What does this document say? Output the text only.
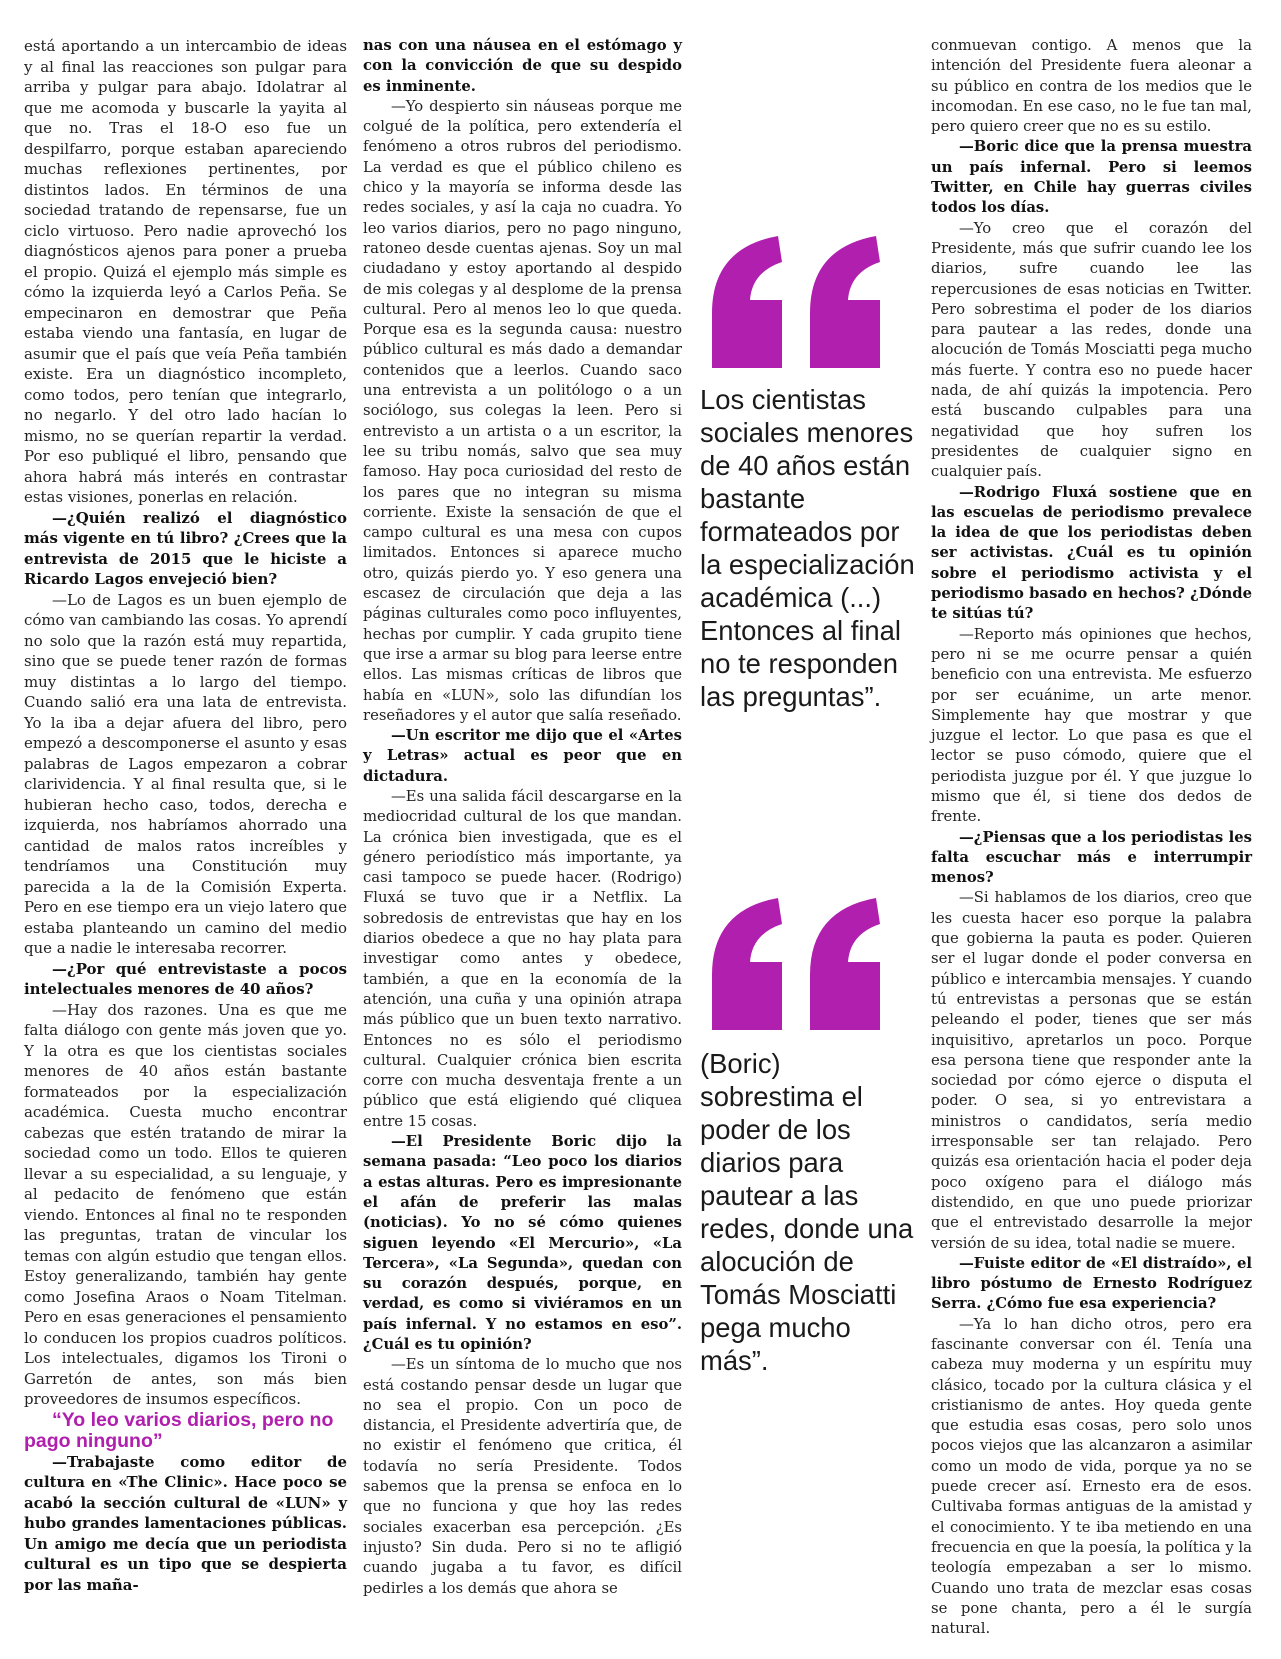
está aportando a un intercambio de ideas y al final las reacciones son pulgar para arriba y pulgar para abajo. Idolatrar al que me acomoda y buscarle la yayita al que no. Tras el 18-O eso fue un despilfarro, porque estaban apareciendo muchas reflexiones pertinentes, por distintos lados. En términos de una sociedad tratando de repensarse, fue un ciclo virtuoso. Pero nadie aprovechó los diagnósticos ajenos para poner a prueba el propio. Quizá el ejemplo más simple es cómo la izquierda leyó a Carlos Peña. Se empecinaron en demostrar que Peña estaba viendo una fantasía, en lugar de asumir que el país que veía Peña también existe. Era un diagnóstico incompleto, como todos, pero tenían que integrarlo, no negarlo. Y del otro lado hacían lo mismo, no se querían repartir la verdad. Por eso publiqué el libro, pensando que ahora habrá más interés en contrastar estas visiones, ponerlas en relación.

—¿Quién realizó el diagnóstico más vigente en tú libro? ¿Crees que la entrevista de 2015 que le hiciste a Ricardo Lagos envejeció bien?

—Lo de Lagos es un buen ejemplo de cómo van cambiando las cosas. Yo aprendí no solo que la razón está muy repartida, sino que se puede tener razón de formas muy distintas a lo largo del tiempo. Cuando salió era una lata de entrevista. Yo la iba a dejar afuera del libro, pero empezó a descomponerse el asunto y esas palabras de Lagos empezaron a cobrar clarividencia. Y al final resulta que, si le hubieran hecho caso, todos, derecha e izquierda, nos habríamos ahorrado una cantidad de malos ratos increíbles y tendríamos una Constitución muy parecida a la de la Comisión Experta. Pero en ese tiempo era un viejo latero que estaba planteando un camino del medio que a nadie le interesaba recorrer.

—¿Por qué entrevistaste a pocos intelectuales menores de 40 años?

—Hay dos razones. Una es que me falta diálogo con gente más joven que yo. Y la otra es que los cientistas sociales menores de 40 años están bastante formateados por la especialización académica. Cuesta mucho encontrar cabezas que estén tratando de mirar la sociedad como un todo. Ellos te quieren llevar a su especialidad, a su lenguaje, y al pedacito de fenómeno que están viendo. Entonces al final no te responden las preguntas, tratan de vincular los temas con algún estudio que tengan ellos. Estoy generalizando, también hay gente como Josefina Araos o Noam Titelman. Pero en esas generaciones el pensamiento lo conducen los propios cuadros políticos. Los intelectuales, digamos los Tironi o Garretón de antes, son más bien proveedores de insumos específicos.

“Yo leo varios diarios, pero no pago ninguno”

—Trabajaste como editor de cultura en «The Clinic». Hace poco se acabó la sección cultural de «LUN» y hubo grandes lamentaciones públicas. Un amigo me decía que un periodista cultural es un tipo que se despierta por las maña-

nas con una náusea en el estómago y con la convicción de que su despido es inminente.

—Yo despierto sin náuseas porque me colgué de la política, pero extendería el fenómeno a otros rubros del periodismo. La verdad es que el público chileno es chico y la mayoría se informa desde las redes sociales, y así la caja no cuadra. Yo leo varios diarios, pero no pago ninguno, ratoneo desde cuentas ajenas. Soy un mal ciudadano y estoy aportando al despido de mis colegas y al desplome de la prensa cultural. Pero al menos leo lo que queda. Porque esa es la segunda causa: nuestro público cultural es más dado a demandar contenidos que a leerlos. Cuando saco una entrevista a un politólogo o a un sociólogo, sus colegas la leen. Pero si entrevisto a un artista o a un escritor, la lee su tribu nomás, salvo que sea muy famoso. Hay poca curiosidad del resto de los pares que no integran su misma corriente. Existe la sensación de que el campo cultural es una mesa con cupos limitados. Entonces si aparece mucho otro, quizás pierdo yo. Y eso genera una escasez de circulación que deja a las páginas culturales como poco influyentes, hechas por cumplir. Y cada grupito tiene que irse a armar su blog para leerse entre ellos. Las mismas críticas de libros que había en «LUN», solo las difundían los reseñadores y el autor que salía reseñado.

—Un escritor me dijo que el «Artes y Letras» actual es peor que en dictadura.

—Es una salida fácil descargarse en la mediocridad cultural de los que mandan. La crónica bien investigada, que es el género periodístico más importante, ya casi tampoco se puede hacer. (Rodrigo) Fluxá se tuvo que ir a Netflix. La sobredosis de entrevistas que hay en los diarios obedece a que no hay plata para investigar como antes y obedece, también, a que en la economía de la atención, una cuña y una opinión atrapa más público que un buen texto narrativo. Entonces no es sólo el periodismo cultural. Cualquier crónica bien escrita corre con mucha desventaja frente a un público que está eligiendo qué cliquea entre 15 cosas.

—El Presidente Boric dijo la semana pasada: “Leo poco los diarios a estas alturas. Pero es impresionante el afán de preferir las malas (noticias). Yo no sé cómo quienes siguen leyendo «El Mercurio», «La Tercera», «La Segunda», quedan con su corazón después, porque, en verdad, es como si viviéramos en un país infernal. Y no estamos en eso”. ¿Cuál es tu opinión?

—Es un síntoma de lo mucho que nos está costando pensar desde un lugar que no sea el propio. Con un poco de distancia, el Presidente advertiría que, de no existir el fenómeno que critica, él todavía no sería Presidente. Todos sabemos que la prensa se enfoca en lo que no funciona y que hoy las redes sociales exacerban esa percepción. ¿Es injusto? Sin duda. Pero si no te afligió cuando jugaba a tu favor, es difícil pedirles a los demás que ahora se

Los cientistas sociales menores de 40 años están bastante formateados por la especialización académica (...) Entonces al final no te responden las preguntas”.
(Boric) sobrestima el poder de los diarios para pautear a las redes, donde una alocución de Tomás Mosciatti pega mucho más”.

conmuevan contigo. A menos que la intención del Presidente fuera aleonar a su público en contra de los medios que le incomodan. En ese caso, no le fue tan mal, pero quiero creer que no es su estilo.

—Boric dice que la prensa muestra un país infernal. Pero si leemos Twitter, en Chile hay guerras civiles todos los días.

—Yo creo que el corazón del Presidente, más que sufrir cuando lee los diarios, sufre cuando lee las repercusiones de esas noticias en Twitter. Pero sobrestima el poder de los diarios para pautear a las redes, donde una alocución de Tomás Mosciatti pega mucho más fuerte. Y contra eso no puede hacer nada, de ahí quizás la impotencia. Pero está buscando culpables para una negatividad que hoy sufren los presidentes de cualquier signo en cualquier país.

—Rodrigo Fluxá sostiene que en las escuelas de periodismo prevalece la idea de que los periodistas deben ser activistas. ¿Cuál es tu opinión sobre el periodismo activista y el periodismo basado en hechos? ¿Dónde te sitúas tú?

—Reporto más opiniones que hechos, pero ni se me ocurre pensar a quién beneficio con una entrevista. Me esfuerzo por ser ecuánime, un arte menor. Simplemente hay que mostrar y que juzgue el lector. Lo que pasa es que el lector se puso cómodo, quiere que el periodista juzgue por él. Y que juzgue lo mismo que él, si tiene dos dedos de frente.

—¿Piensas que a los periodistas les falta escuchar más e interrumpir menos?

—Si hablamos de los diarios, creo que les cuesta hacer eso porque la palabra que gobierna la pauta es poder. Quieren ser el lugar donde el poder conversa en público e intercambia mensajes. Y cuando tú entrevistas a personas que se están peleando el poder, tienes que ser más inquisitivo, apretarlos un poco. Porque esa persona tiene que responder ante la sociedad por cómo ejerce o disputa el poder. O sea, si yo entrevistara a ministros o candidatos, sería medio irresponsable ser tan relajado. Pero quizás esa orientación hacia el poder deja poco oxígeno para el diálogo más distendido, en que uno puede priorizar que el entrevistado desarrolle la mejor versión de su idea, total nadie se muere.

—Fuiste editor de «El distraído», el libro póstumo de Ernesto Rodríguez Serra. ¿Cómo fue esa experiencia?

—Ya lo han dicho otros, pero era fascinante conversar con él. Tenía una cabeza muy moderna y un espíritu muy clásico, tocado por la cultura clásica y el cristianismo de antes. Hoy queda gente que estudia esas cosas, pero solo unos pocos viejos que las alcanzaron a asimilar como un modo de vida, porque ya no se puede crecer así. Ernesto era de esos. Cultivaba formas antiguas de la amistad y el conocimiento. Y te iba metiendo en una frecuencia en que la poesía, la política y la teología empezaban a ser lo mismo. Cuando uno trata de mezclar esas cosas se pone chanta, pero a él le surgía natural.
